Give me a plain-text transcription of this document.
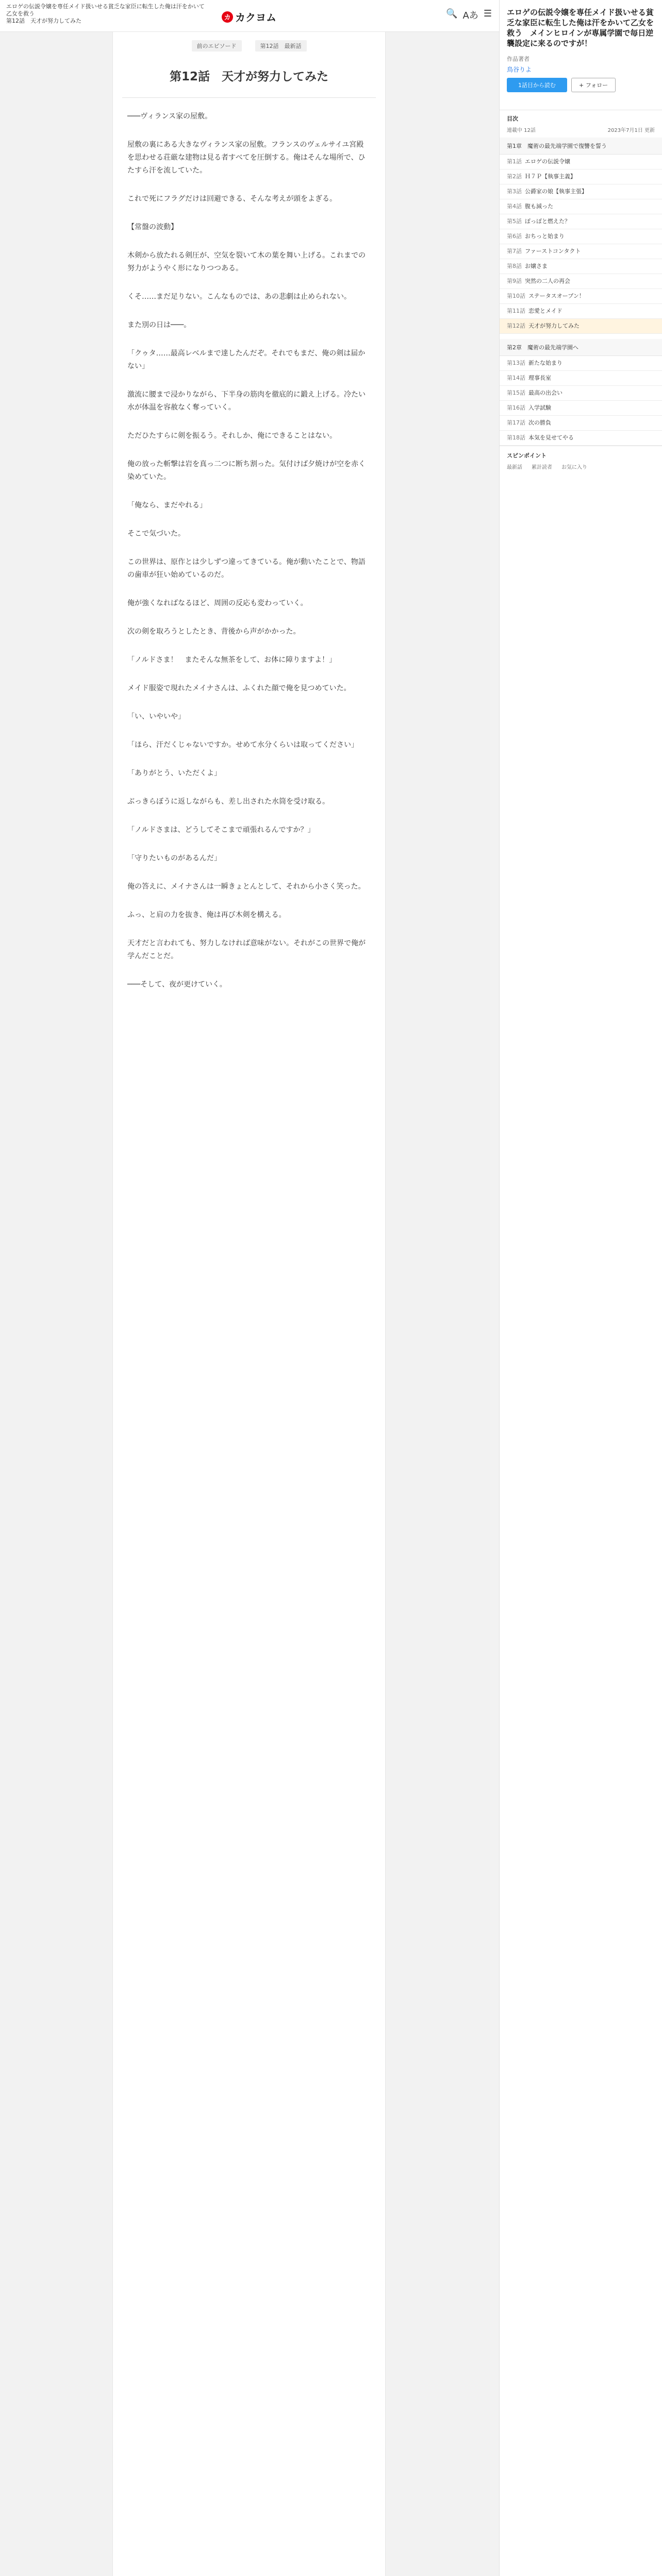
エロゲの伝説令嬢を専任メイド扱いせる貧乏な家臣に転生した俺は汗をかいて乙女を救う
第12話　天才が努力してみた	カ カクヨム	🔍 Aあ ☰
前のエピソード	第12話　最新話
第12話　天才が努力してみた

───ヴィランス家の屋敷。

屋敷の裏にある大きなヴィランス家の屋敷。フランスのヴェルサイユ宮殿を思わせる荘厳な建物は見る者すべてを圧倒する。俺はそんな場所で、ひたすら汗を流していた。

これで死にフラグだけは回避できる、そんな考えが頭をよぎる。

【常盤の波動】

木剣から放たれる剣圧が、空気を裂いて木の葉を舞い上げる。これまでの努力がようやく形になりつつある。

くそ……まだ足りない。こんなものでは、あの悲劇は止められない。

また別の日は───。

「クゥタ……最高レベルまで達したんだぞ。それでもまだ、俺の剣は届かない」

激流に腰まで浸かりながら、下半身の筋肉を徹底的に鍛え上げる。冷たい水が体温を容赦なく奪っていく。

ただひたすらに剣を振るう。それしか、俺にできることはない。

俺の放った斬撃は岩を真っ二つに断ち割った。気付けば夕焼けが空を赤く染めていた。

「俺なら、まだやれる」

そこで気づいた。

この世界は、原作とは少しずつ違ってきている。俺が動いたことで、物語の歯車が狂い始めているのだ。

俺が強くなればなるほど、周囲の反応も変わっていく。

次の剣を取ろうとしたとき、背後から声がかかった。

「ノルドさま！　またそんな無茶をして、お体に障りますよ！」

メイド服姿で現れたメイナさんは、ふくれた顔で俺を見つめていた。

「い、いやいや」

「ほら、汗だくじゃないですか。せめて水分くらいは取ってください」

「ありがとう、いただくよ」

ぶっきらぼうに返しながらも、差し出された水筒を受け取る。

「ノルドさまは、どうしてそこまで頑張れるんですか？」

「守りたいものがあるんだ」

俺の答えに、メイナさんは一瞬きょとんとして、それから小さく笑った。

ふっ、と肩の力を抜き、俺は再び木剣を構える。

天才だと言われても、努力しなければ意味がない。それがこの世界で俺が学んだことだ。

───そして、夜が更けていく。

エロゲの伝説令嬢を専任メイド扱いせる貧乏な家臣に転生した俺は汗をかいて乙女を救う　メインヒロインが専属学園で毎日逆襲設定に来るのですが！
作品著者
鳥谷りよ
1話目から読む	+ フォロー
目次
連載中 12話	2023年7月1日 更新
第1章　魔術の最先端学園で復讐を誓う
第1話 エロゲの伝説令嬢
第2話 Ｈ７Ｐ【執事主義】
第3話 公爵家の娘【執事主張】
第4話 腹も減った
第5話 ぽっぽと燃えた？
第6話 おちっと始まり
第7話 ファーストコンタクト
第8話 お嬢さま
第9話 突然の二人の再会
第10話 ステータスオープン！
第11話 恋愛とメイド
第12話 天才が努力してみた
第2章　魔術の最先端学園へ
第13話 新たな始まり
第14話 理事長室
第15話 最高の出会い
第16話 入学試験
第17話 次の勝負
第18話 本気を見せてやる
スピンポイント
最新話 累計読者 お気に入り
